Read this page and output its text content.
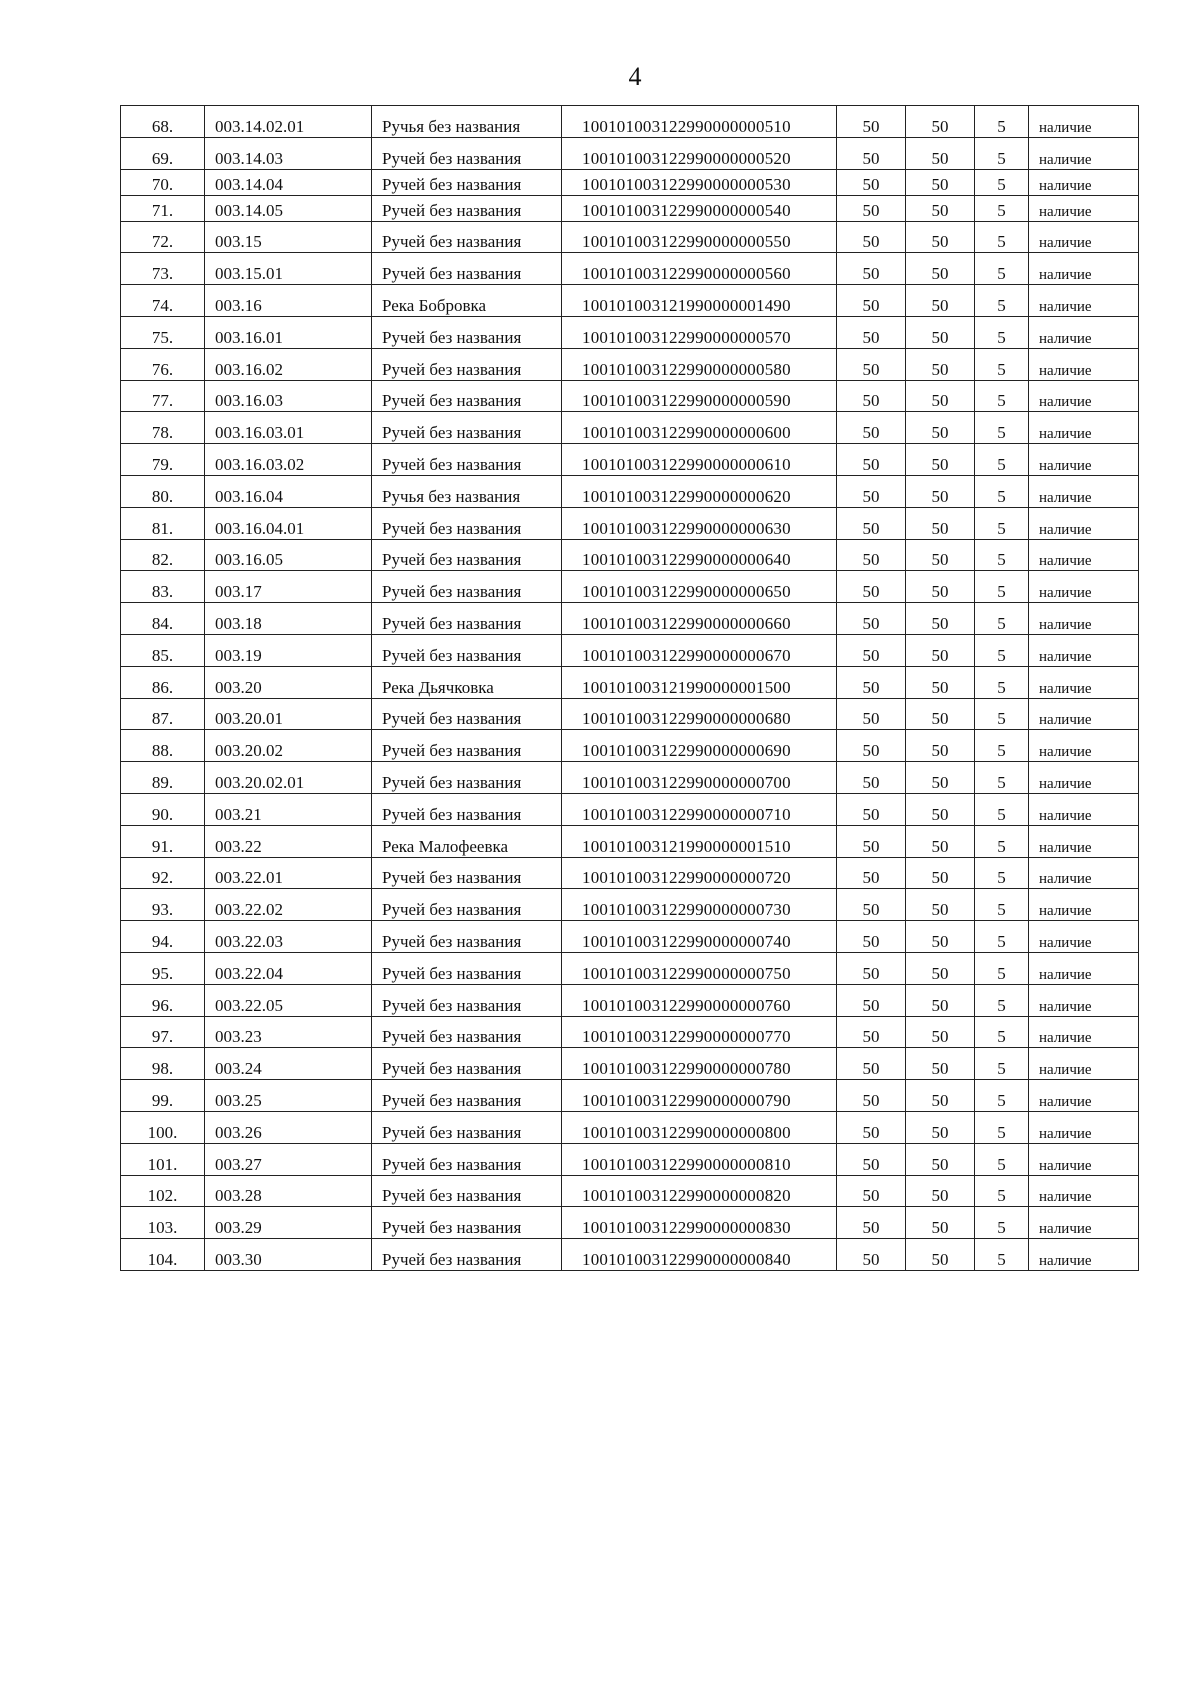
4
68.	003.14.02.01	Ручья без названия	100101003122990000000510	50	50	5	наличие
69.	003.14.03	Ручей без названия	100101003122990000000520	50	50	5	наличие
70.	003.14.04	Ручей без названия	100101003122990000000530	50	50	5	наличие
71.	003.14.05	Ручей без названия	100101003122990000000540	50	50	5	наличие
72.	003.15	Ручей без названия	100101003122990000000550	50	50	5	наличие
73.	003.15.01	Ручей без названия	100101003122990000000560	50	50	5	наличие
74.	003.16	Река Бобровка	100101003121990000001490	50	50	5	наличие
75.	003.16.01	Ручей без названия	100101003122990000000570	50	50	5	наличие
76.	003.16.02	Ручей без названия	100101003122990000000580	50	50	5	наличие
77.	003.16.03	Ручей без названия	100101003122990000000590	50	50	5	наличие
78.	003.16.03.01	Ручей без названия	100101003122990000000600	50	50	5	наличие
79.	003.16.03.02	Ручей без названия	100101003122990000000610	50	50	5	наличие
80.	003.16.04	Ручья без названия	100101003122990000000620	50	50	5	наличие
81.	003.16.04.01	Ручей без названия	100101003122990000000630	50	50	5	наличие
82.	003.16.05	Ручей без названия	100101003122990000000640	50	50	5	наличие
83.	003.17	Ручей без названия	100101003122990000000650	50	50	5	наличие
84.	003.18	Ручей без названия	100101003122990000000660	50	50	5	наличие
85.	003.19	Ручей без названия	100101003122990000000670	50	50	5	наличие
86.	003.20	Река Дьячковка	100101003121990000001500	50	50	5	наличие
87.	003.20.01	Ручей без названия	100101003122990000000680	50	50	5	наличие
88.	003.20.02	Ручей без названия	100101003122990000000690	50	50	5	наличие
89.	003.20.02.01	Ручей без названия	100101003122990000000700	50	50	5	наличие
90.	003.21	Ручей без названия	100101003122990000000710	50	50	5	наличие
91.	003.22	Река Малофеевка	100101003121990000001510	50	50	5	наличие
92.	003.22.01	Ручей без названия	100101003122990000000720	50	50	5	наличие
93.	003.22.02	Ручей без названия	100101003122990000000730	50	50	5	наличие
94.	003.22.03	Ручей без названия	100101003122990000000740	50	50	5	наличие
95.	003.22.04	Ручей без названия	100101003122990000000750	50	50	5	наличие
96.	003.22.05	Ручей без названия	100101003122990000000760	50	50	5	наличие
97.	003.23	Ручей без названия	100101003122990000000770	50	50	5	наличие
98.	003.24	Ручей без названия	100101003122990000000780	50	50	5	наличие
99.	003.25	Ручей без названия	100101003122990000000790	50	50	5	наличие
100.	003.26	Ручей без названия	100101003122990000000800	50	50	5	наличие
101.	003.27	Ручей без названия	100101003122990000000810	50	50	5	наличие
102.	003.28	Ручей без названия	100101003122990000000820	50	50	5	наличие
103.	003.29	Ручей без названия	100101003122990000000830	50	50	5	наличие
104.	003.30	Ручей без названия	100101003122990000000840	50	50	5	наличие
